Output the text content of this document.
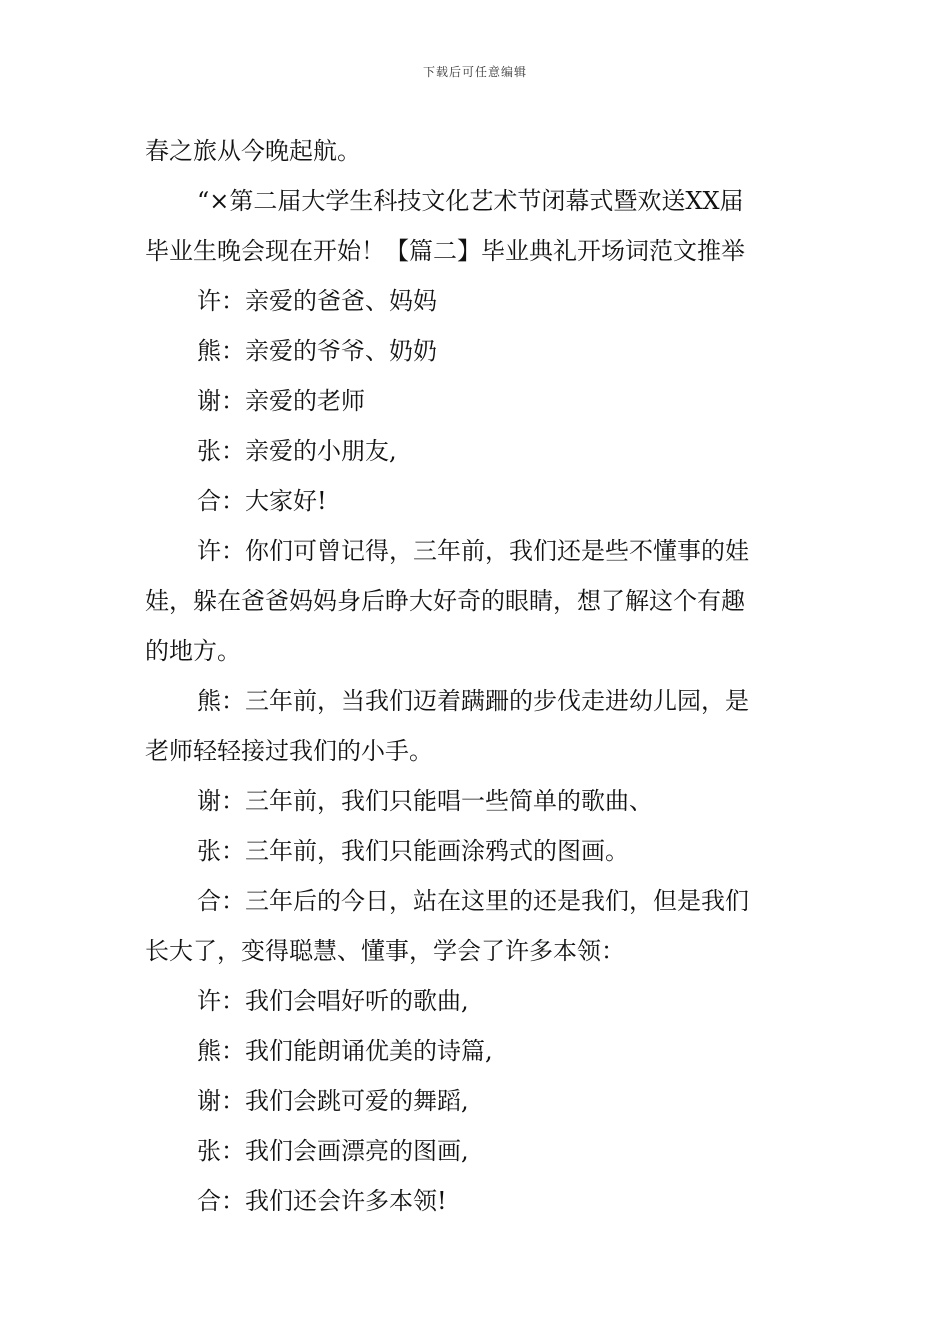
下载后可任意编辑

春之旅从今晚起航。

“×第二届大学生科技文化艺术节闭幕式暨欢送XX届
毕业生晚会现在开始！【篇二】毕业典礼开场词范文推举

许：亲爱的爸爸、妈妈

熊：亲爱的爷爷、奶奶

谢：亲爱的老师

张：亲爱的小朋友,

合：大家好!

许：你们可曾记得，三年前，我们还是些不懂事的娃
娃，躲在爸爸妈妈身后睁大好奇的眼睛，想了解这个有趣
的地方。

熊：三年前，当我们迈着蹒跚的步伐走进幼儿园，是
老师轻轻接过我们的小手。

谢：三年前，我们只能唱一些简单的歌曲、

张：三年前，我们只能画涂鸦式的图画。

合：三年后的今日，站在这里的还是我们，但是我们
长大了，变得聪慧、懂事，学会了许多本领：

许：我们会唱好听的歌曲,

熊：我们能朗诵优美的诗篇,

谢：我们会跳可爱的舞蹈,

张：我们会画漂亮的图画,

合：我们还会许多本领!
